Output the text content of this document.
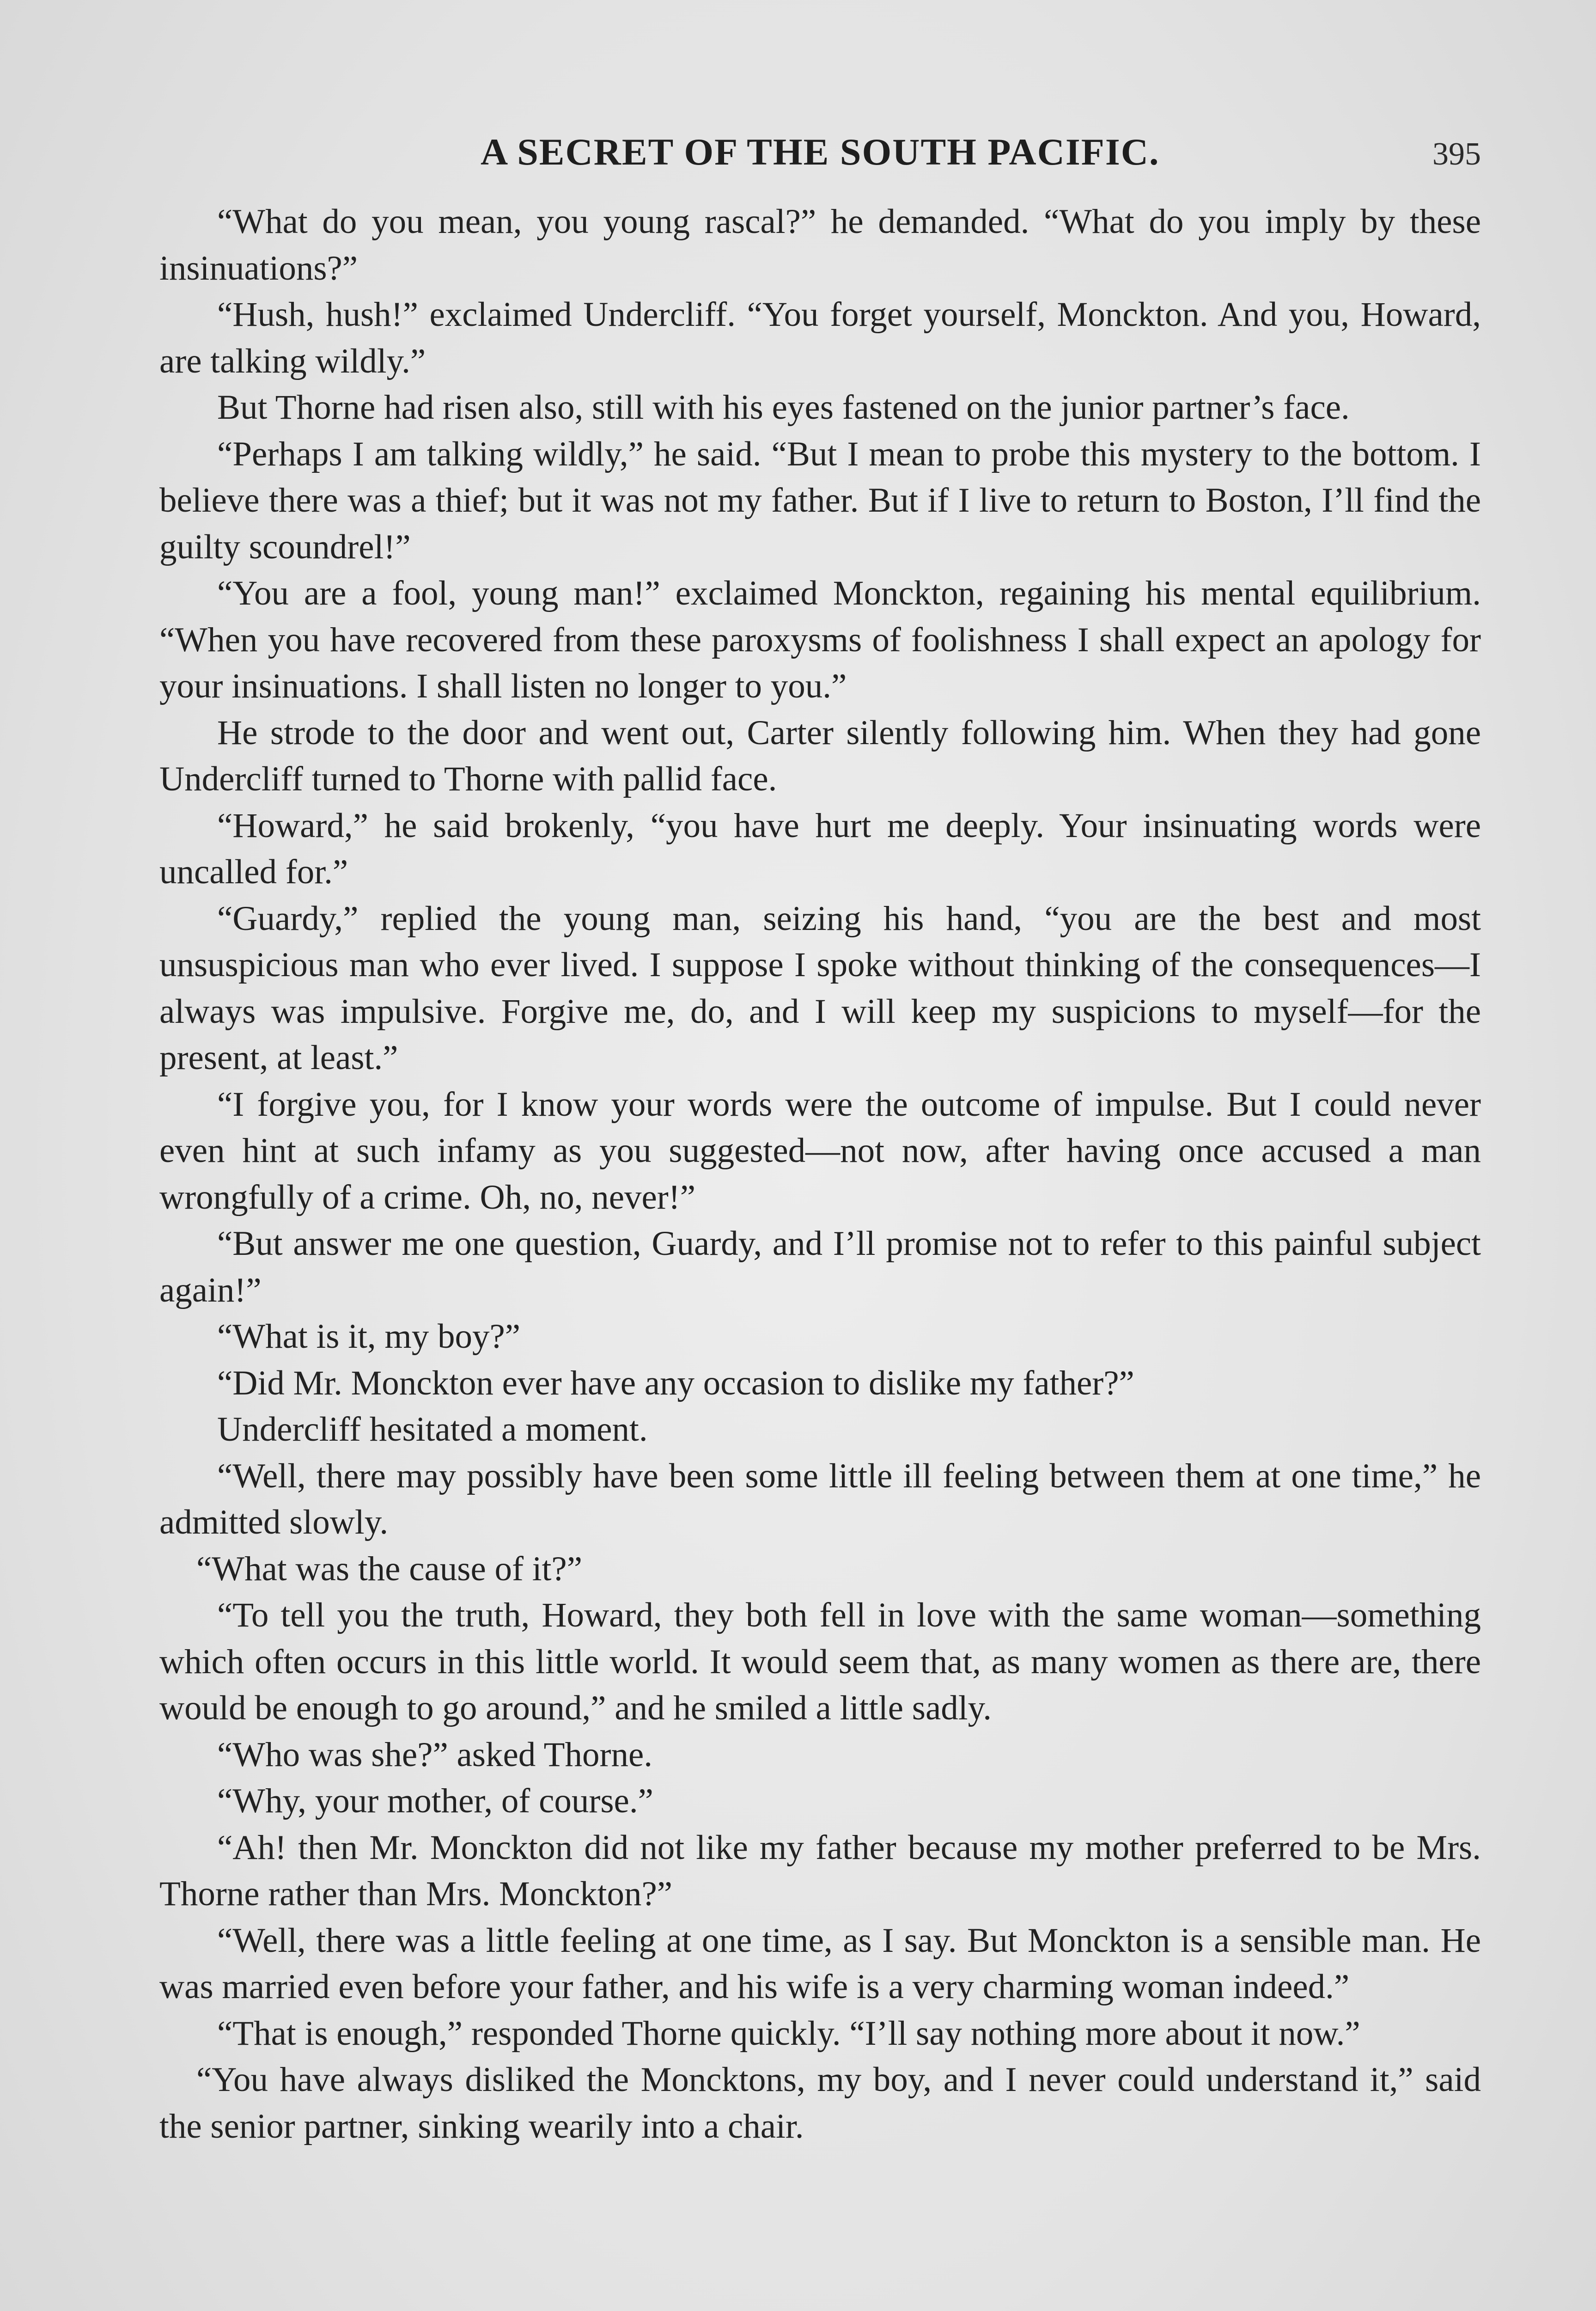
A SECRET OF THE SOUTH PACIFIC.	395

“What do you mean, you young rascal?” he demanded. “What do you imply by these insinuations?”

“Hush, hush!” exclaimed Undercliff. “You forget yourself, Monckton. And you, Howard, are talking wildly.”

But Thorne had risen also, still with his eyes fastened on the junior partner’s face.

“Perhaps I am talking wildly,” he said. “But I mean to probe this mystery to the bottom. I believe there was a thief; but it was not my father. But if I live to return to Boston, I’ll find the guilty scoundrel!”

“You are a fool, young man!” exclaimed Monckton, regaining his mental equilibrium. “When you have recovered from these paroxysms of foolishness I shall expect an apology for your insinuations. I shall listen no longer to you.”

He strode to the door and went out, Carter silently following him. When they had gone Undercliff turned to Thorne with pallid face.

“Howard,” he said brokenly, “you have hurt me deeply. Your insinuating words were uncalled for.”

“Guardy,” replied the young man, seizing his hand, “you are the best and most unsuspicious man who ever lived. I suppose I spoke without thinking of the consequences—I always was impulsive. Forgive me, do, and I will keep my suspicions to myself—for the present, at least.”

“I forgive you, for I know your words were the outcome of impulse. But I could never even hint at such infamy as you suggested—not now, after having once accused a man wrongfully of a crime. Oh, no, never!”

“But answer me one question, Guardy, and I’ll promise not to refer to this painful subject again!”

“What is it, my boy?”

“Did Mr. Monckton ever have any occasion to dislike my father?”

Undercliff hesitated a moment.

“Well, there may possibly have been some little ill feeling between them at one time,” he admitted slowly.

“What was the cause of it?”

“To tell you the truth, Howard, they both fell in love with the same woman—something which often occurs in this little world. It would seem that, as many women as there are, there would be enough to go around,” and he smiled a little sadly.

“Who was she?” asked Thorne.

“Why, your mother, of course.”

“Ah! then Mr. Monckton did not like my father because my mother preferred to be Mrs. Thorne rather than Mrs. Monckton?”

“Well, there was a little feeling at one time, as I say. But Monckton is a sensible man. He was married even before your father, and his wife is a very charming woman indeed.”

“That is enough,” responded Thorne quickly. “I’ll say nothing more about it now.”

“You have always disliked the Moncktons, my boy, and I never could understand it,” said the senior partner, sinking wearily into a chair.
